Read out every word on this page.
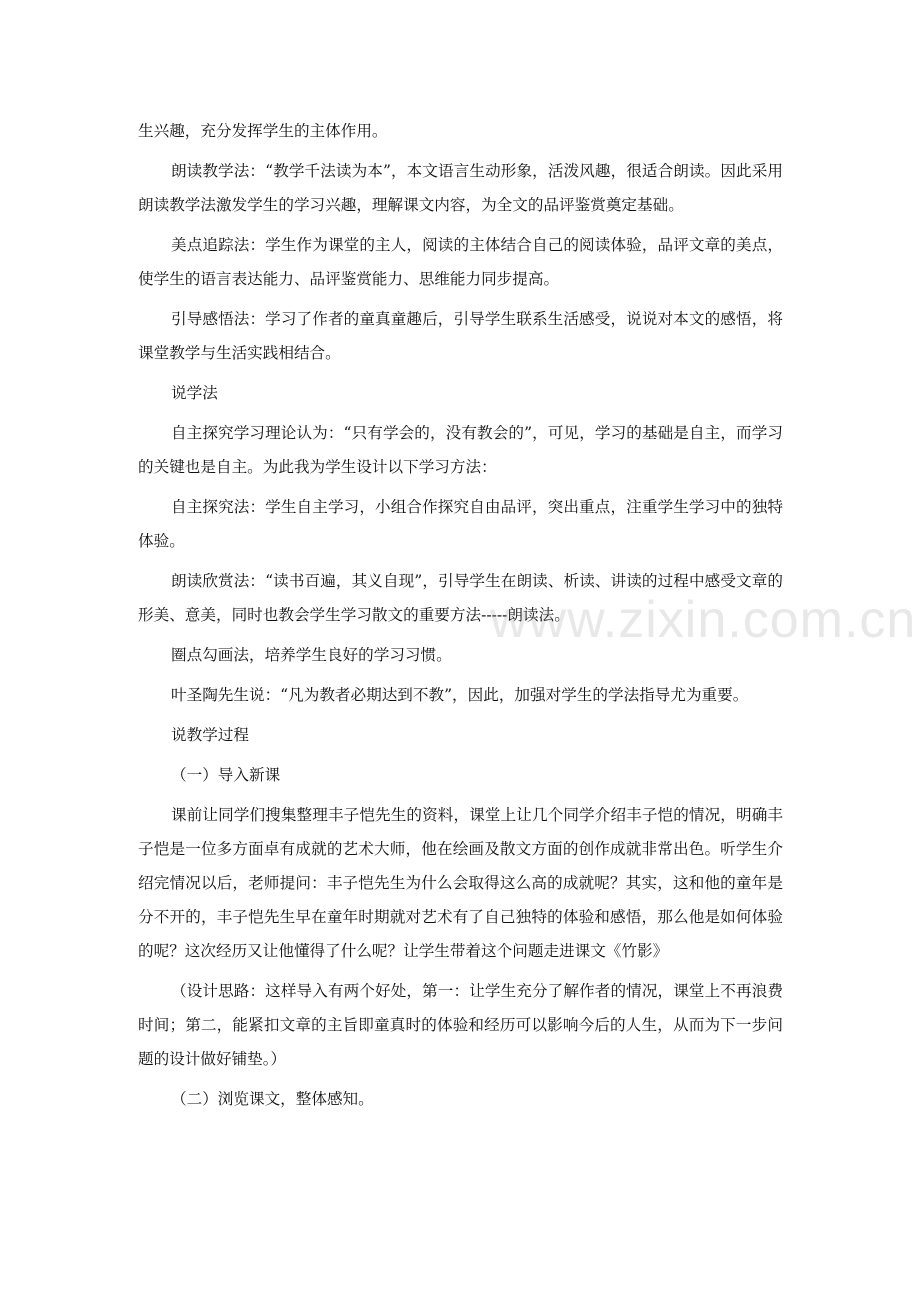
生兴趣，充分发挥学生的主体作用。

朗读教学法：“教学千法读为本”，本文语言生动形象，活泼风趣，很适合朗读。因此采用朗读教学法激发学生的学习兴趣，理解课文内容，为全文的品评鉴赏奠定基础。

美点追踪法：学生作为课堂的主人，阅读的主体结合自己的阅读体验，品评文章的美点，使学生的语言表达能力、品评鉴赏能力、思维能力同步提高。

引导感悟法：学习了作者的童真童趣后，引导学生联系生活感受，说说对本文的感悟，将课堂教学与生活实践相结合。

说学法

自主探究学习理论认为：“只有学会的，没有教会的”，可见，学习的基础是自主，而学习的关键也是自主。为此我为学生设计以下学习方法：

自主探究法：学生自主学习，小组合作探究自由品评，突出重点，注重学生学习中的独特体验。

朗读欣赏法：“读书百遍，其义自现”，引导学生在朗读、析读、讲读的过程中感受文章的形美、意美，同时也教会学生学习散文的重要方法-----朗读法。

圈点勾画法，培养学生良好的学习习惯。

叶圣陶先生说：“凡为教者必期达到不教”，因此，加强对学生的学法指导尤为重要。

说教学过程

（一）导入新课

课前让同学们搜集整理丰子恺先生的资料，课堂上让几个同学介绍丰子恺的情况，明确丰子恺是一位多方面卓有成就的艺术大师，他在绘画及散文方面的创作成就非常出色。听学生介绍完情况以后，老师提问：丰子恺先生为什么会取得这么高的成就呢？其实，这和他的童年是分不开的，丰子恺先生早在童年时期就对艺术有了自己独特的体验和感悟，那么他是如何体验的呢？这次经历又让他懂得了什么呢？让学生带着这个问题走进课文《竹影》

（设计思路：这样导入有两个好处，第一：让学生充分了解作者的情况，课堂上不再浪费时间；第二，能紧扣文章的主旨即童真时的体验和经历可以影响今后的人生，从而为下一步问题的设计做好铺垫。）

（二）浏览课文，整体感知。

www.zixin.com.cn
